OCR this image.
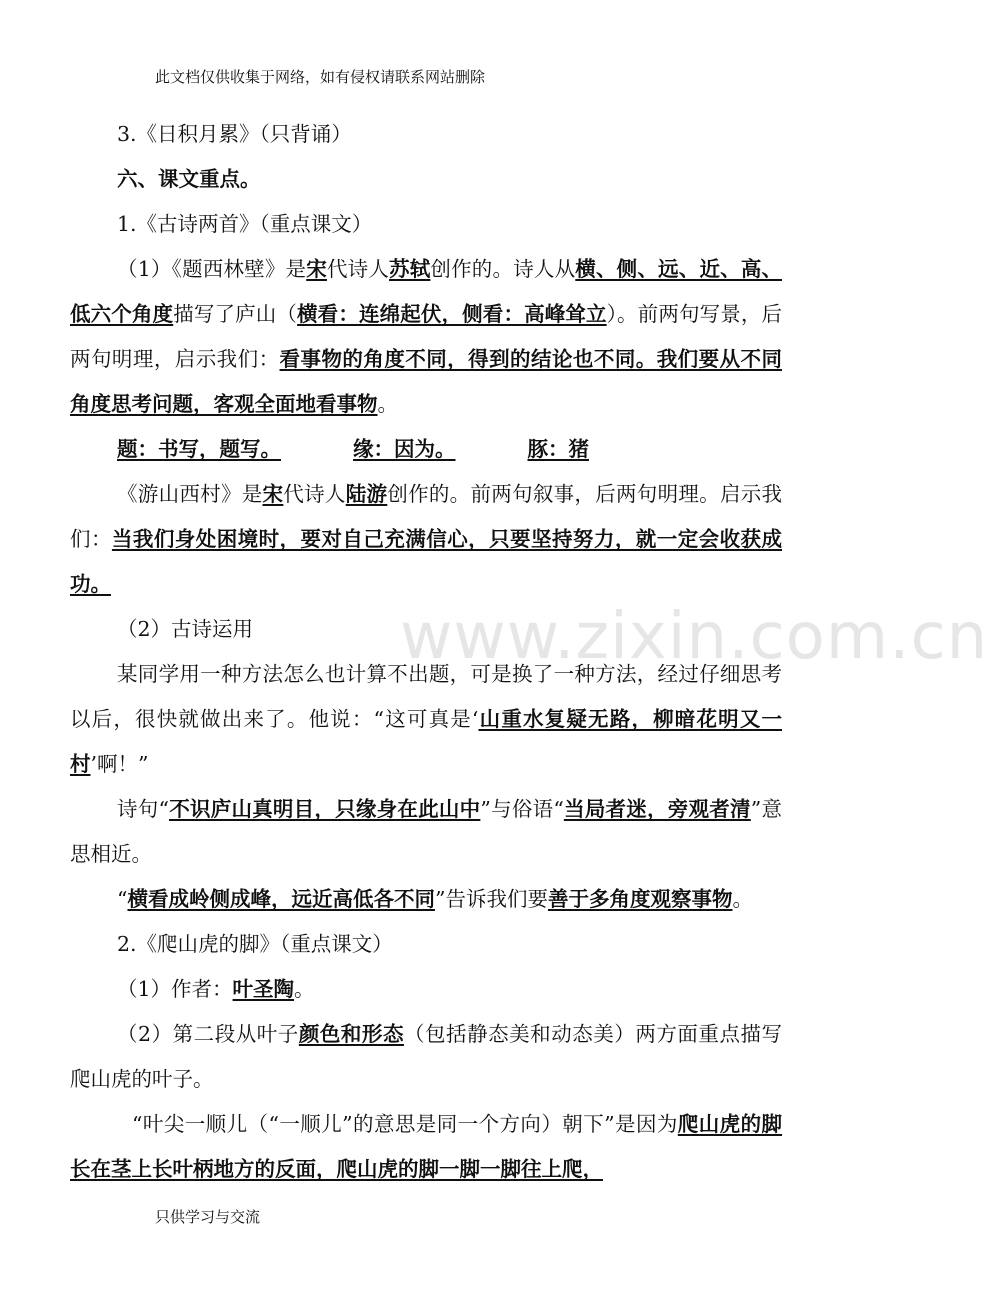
此文档仅供收集于网络，如有侵权请联系网站删除
www.zixin.com.cn

3.《日积月累》（只背诵）

六、课文重点。

1.《古诗两首》（重点课文）

（1）《题西林壁》是宋代诗人苏轼创作的。诗人从横、侧、远、近、高、低六个角度描写了庐山（横看：连绵起伏，侧看：高峰耸立）。前两句写景，后两句明理，启示我们：看事物的角度不同，得到的结论也不同。我们要从不同角度思考问题，客观全面地看事物。

题：书写，题写。	缘：因为。	豚：猪

《游山西村》是宋代诗人陆游创作的。前两句叙事，后两句明理。启示我们：当我们身处困境时，要对自己充满信心，只要坚持努力，就一定会收获成功。

（2）古诗运用

某同学用一种方法怎么也计算不出题，可是换了一种方法，经过仔细思考以后，很快就做出来了。他说：“这可真是‘山重水复疑无路，柳暗花明又一村’啊！”

诗句“不识庐山真明目，只缘身在此山中”与俗语“当局者迷，旁观者清”意思相近。

“横看成岭侧成峰，远近高低各不同”告诉我们要善于多角度观察事物。

2.《爬山虎的脚》（重点课文）

（1）作者：叶圣陶。

（2）第二段从叶子颜色和形态（包括静态美和动态美）两方面重点描写爬山虎的叶子。

“叶尖一顺儿（“一顺儿”的意思是同一个方向）朝下”是因为爬山虎的脚长在茎上长叶柄地方的反面，爬山虎的脚一脚一脚往上爬，

只供学习与交流
